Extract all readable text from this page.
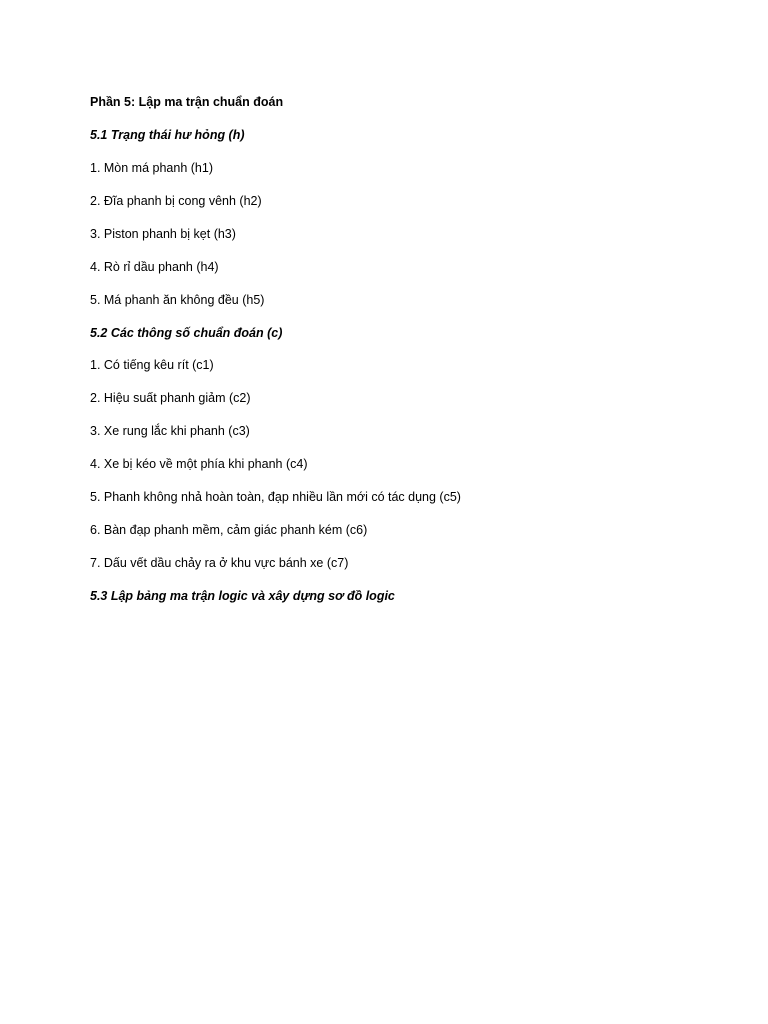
Phần 5: Lập ma trận chuẩn đoán
5.1 Trạng thái hư hỏng (h)
1. Mòn má phanh (h1)
2. Đĩa phanh bị cong vênh (h2)
3. Piston phanh bị kẹt (h3)
4. Rò rỉ dầu phanh (h4)
5. Má phanh ăn không đều (h5)
5.2 Các thông số chuẩn đoán (c)
1. Có tiếng kêu rít (c1)
2. Hiệu suất phanh giảm (c2)
3. Xe rung lắc khi phanh (c3)
4. Xe bị kéo về một phía khi phanh (c4)
5. Phanh không nhả hoàn toàn, đạp nhiều lần mới có tác dụng (c5)
6. Bàn đạp phanh mềm, cảm giác phanh kém (c6)
7. Dấu vết dầu chảy ra ở khu vực bánh xe (c7)
5.3 Lập bảng ma trận logic và xây dựng sơ đồ logic
